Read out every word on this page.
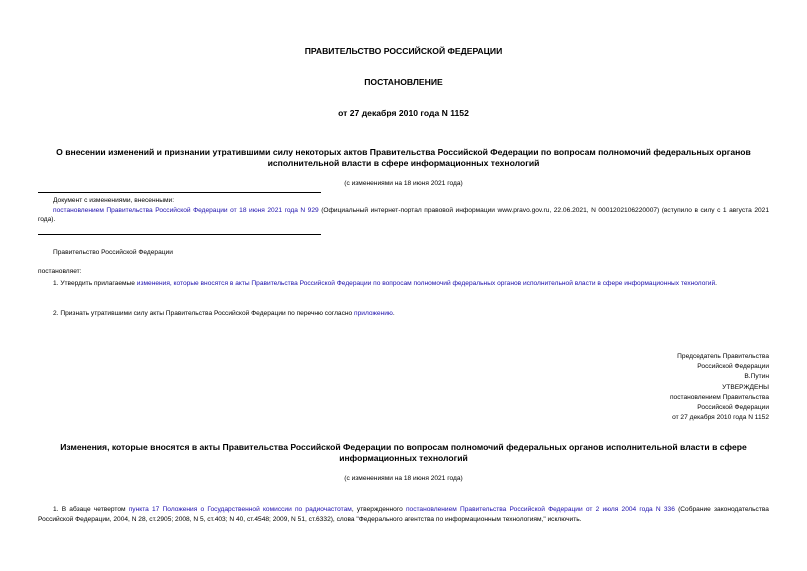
ПРАВИТЕЛЬСТВО РОССИЙСКОЙ ФЕДЕРАЦИИ
ПОСТАНОВЛЕНИЕ
от 27 декабря 2010 года N 1152
О внесении изменений и признании утратившими силу некоторых актов Правительства Российской Федерации по вопросам полномочий федеральных органов исполнительной власти в сфере информационных технологий
(с изменениями на 18 июня 2021 года)
Документ с изменениями, внесенными:
постановлением Правительства Российской Федерации от 18 июня 2021 года N 929 (Официальный интернет-портал правовой информации www.pravo.gov.ru, 22.06.2021, N 0001202106220007) (вступило в силу с 1 августа 2021 года).
Правительство Российской Федерации
постановляет:
1. Утвердить прилагаемые изменения, которые вносятся в акты Правительства Российской Федерации по вопросам полномочий федеральных органов исполнительной власти в сфере информационных технологий.
2. Признать утратившими силу акты Правительства Российской Федерации по перечню согласно приложению.
Председатель Правительства
Российской Федерации
В.Путин
УТВЕРЖДЕНЫ
постановлением Правительства
Российской Федерации
от 27 декабря 2010 года N 1152
Изменения, которые вносятся в акты Правительства Российской Федерации по вопросам полномочий федеральных органов исполнительной власти в сфере информационных технологий
(с изменениями на 18 июня 2021 года)
1. В абзаце четвертом пункта 17 Положения о Государственной комиссии по радиочастотам, утвержденного постановлением Правительства Российской Федерации от 2 июля 2004 года N 336 (Собрание законодательства Российской Федерации, 2004, N 28, ст.2905; 2008, N 5, ст.403; N 40, ст.4548; 2009, N 51, ст.6332), слова "Федерального агентства по информационным технологиям," исключить.
